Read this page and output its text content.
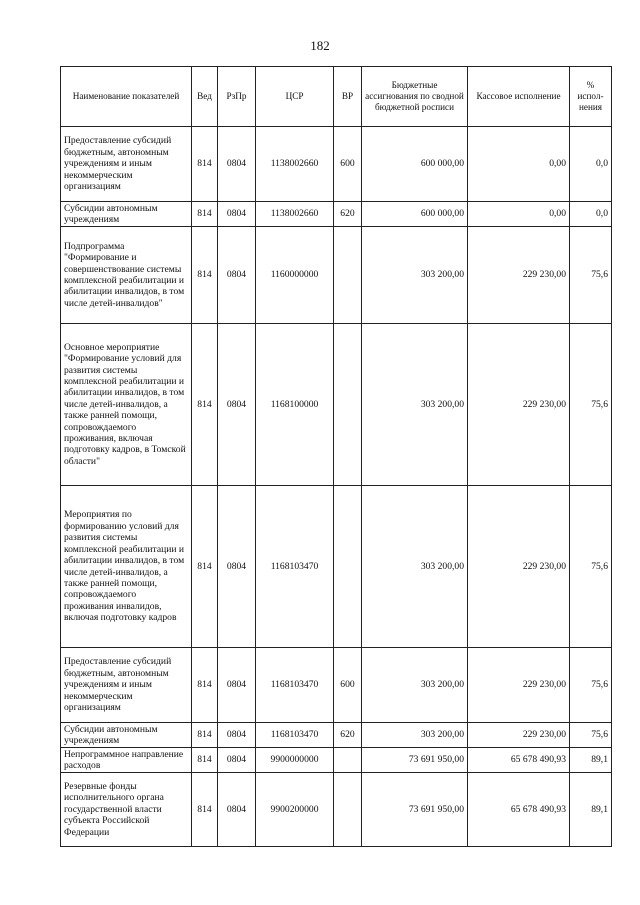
182
Наименование показателей	Вед	РзПр	ЦСР	ВР	Бюджетные ассигнования по сводной бюджетной росписи	Кассовое исполнение	% испол-нения
Предоставление субсидий бюджетным, автономным учреждениям и иным некоммерческим организациям	814	0804	1138002660	600	600 000,00	0,00	0,0
Субсидии автономным учреждениям	814	0804	1138002660	620	600 000,00	0,00	0,0
Подпрограмма "Формирование и совершенствование системы комплексной реабилитации и абилитации инвалидов, в том числе детей-инвалидов"	814	0804	1160000000		303 200,00	229 230,00	75,6
Основное мероприятие "Формирование условий для развития системы комплексной реабилитации и абилитации инвалидов, в том числе детей-инвалидов, а также ранней помощи, сопровождаемого проживания, включая подготовку кадров, в Томской области"	814	0804	1168100000		303 200,00	229 230,00	75,6
Мероприятия по формированию условий для развития системы комплексной реабилитации и абилитации инвалидов, в том числе детей-инвалидов, а также ранней помощи, сопровождаемого проживания инвалидов, включая подготовку кадров	814	0804	1168103470		303 200,00	229 230,00	75,6
Предоставление субсидий бюджетным, автономным учреждениям и иным некоммерческим организациям	814	0804	1168103470	600	303 200,00	229 230,00	75,6
Субсидии автономным учреждениям	814	0804	1168103470	620	303 200,00	229 230,00	75,6
Непрограммное направление расходов	814	0804	9900000000		73 691 950,00	65 678 490,93	89,1
Резервные фонды исполнительного органа государственной власти субъекта Российской Федерации	814	0804	9900200000		73 691 950,00	65 678 490,93	89,1
